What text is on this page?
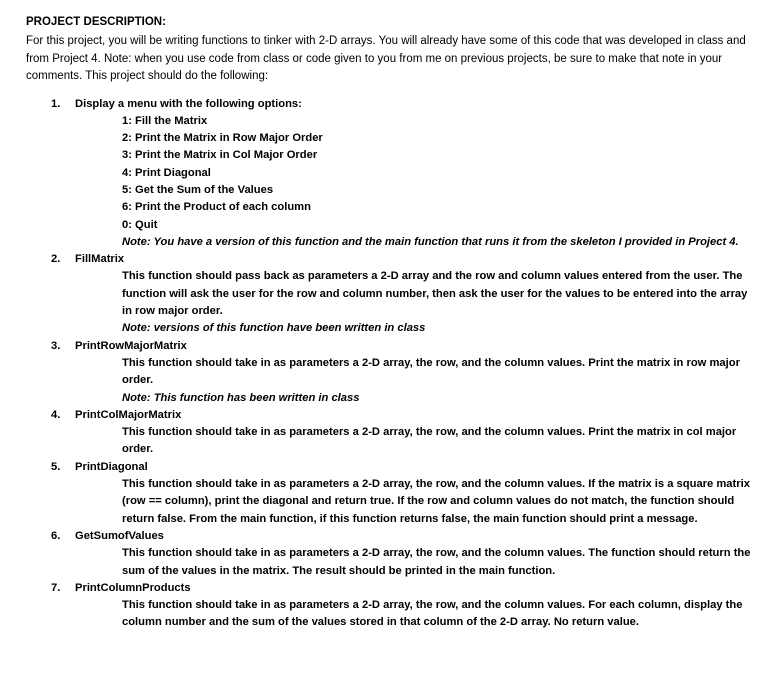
PROJECT DESCRIPTION:
For this project, you will be writing functions to tinker with 2-D arrays. You will already have some of this code that was developed in class and from Project 4. Note: when you use code from class or code given to you from me on previous projects, be sure to make that note in your comments. This project should do the following:
1. Display a menu with the following options:
1: Fill the Matrix
2: Print the Matrix in Row Major Order
3: Print the Matrix in Col Major Order
4: Print Diagonal
5: Get the Sum of the Values
6: Print the Product of each column
0: Quit
Note: You have a version of this function and the main function that runs it from the skeleton I provided in Project 4.
2. FillMatrix
This function should pass back as parameters a 2-D array and the row and column values entered from the user. The function will ask the user for the row and column number, then ask the user for the values to be entered into the array in row major order.
Note: versions of this function have been written in class
3. PrintRowMajorMatrix
This function should take in as parameters a 2-D array, the row, and the column values. Print the matrix in row major order.
Note: This function has been written in class
4. PrintColMajorMatrix
This function should take in as parameters a 2-D array, the row, and the column values. Print the matrix in col major order.
5. PrintDiagonal
This function should take in as parameters a 2-D array, the row, and the column values. If the matrix is a square matrix (row == column), print the diagonal and return true. If the row and column values do not match, the function should return false. From the main function, if this function returns false, the main function should print a message.
6. GetSumofValues
This function should take in as parameters a 2-D array, the row, and the column values. The function should return the sum of the values in the matrix. The result should be printed in the main function.
7. PrintColumnProducts
This function should take in as parameters a 2-D array, the row, and the column values. For each column, display the column number and the sum of the values stored in that column of the 2-D array. No return value.
